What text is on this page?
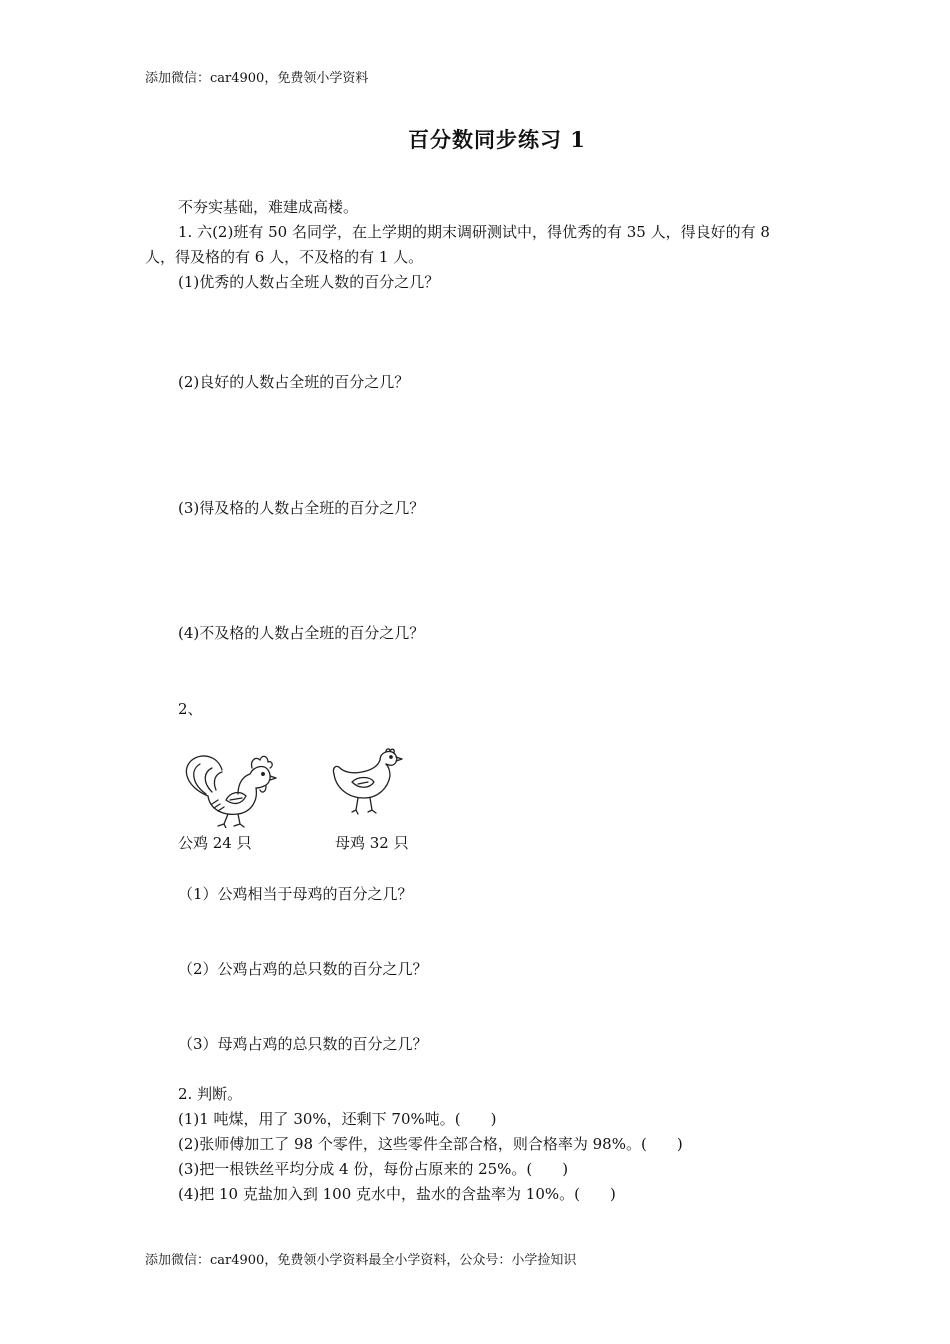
添加微信：car4900，免费领小学资料
百分数同步练习 1
不夯实基础，难建成高楼。
1. 六(2)班有 50 名同学，在上学期的期末调研测试中，得优秀的有 35 人，得良好的有 8
人，得及格的有 6 人，不及格的有 1 人。
(1)优秀的人数占全班人数的百分之几？
(2)良好的人数占全班的百分之几？
(3)得及格的人数占全班的百分之几？
(4)不及格的人数占全班的百分之几？
2、
公鸡 24 只	母鸡 32 只
（1）公鸡相当于母鸡的百分之几？
（2）公鸡占鸡的总只数的百分之几？
（3）母鸡占鸡的总只数的百分之几？
2. 判断。
(1)1 吨煤，用了 30%，还剩下 70%吨。(　　)
(2)张师傅加工了 98 个零件，这些零件全部合格，则合格率为 98%。(　　)
(3)把一根铁丝平均分成 4 份，每份占原来的 25%。(　　)
(4)把 10 克盐加入到 100 克水中，盐水的含盐率为 10%。(　　)
添加微信：car4900，免费领小学资料最全小学资料，公众号：小学捡知识
